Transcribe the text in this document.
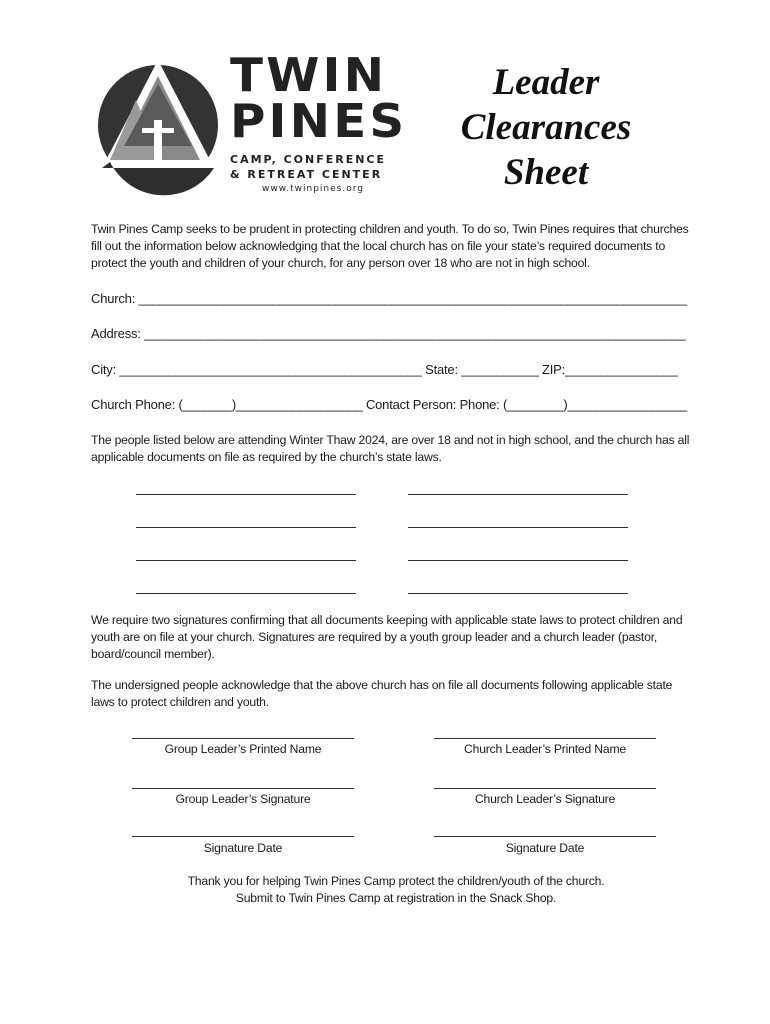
TWIN
PINES
CAMP, CONFERENCE
& RETREAT CENTER
www.twinpines.org
Leader
Clearances
Sheet
Twin Pines Camp seeks to be prudent in protecting children and youth. To do so, Twin Pines requires that churches fill out the information below acknowledging that the local church has on file your state’s required documents to protect the youth and children of your church, for any person over 18 who are not in high school.
Church: ______________________________________________________________________________
Address: _____________________________________________________________________________
City: ___________________________________________ State: ___________ ZIP:________________
Church Phone: (_______)__________________ Contact Person: Phone: (________)_________________
The people listed below are attending Winter Thaw 2024, are over 18 and not in high school, and the church has all applicable documents on file as required by the church’s state laws.
We require two signatures confirming that all documents keeping with applicable state laws to protect children and youth are on file at your church. Signatures are required by a youth group leader and a church leader (pastor, board/council member).
The undersigned people acknowledge that the above church has on file all documents following applicable state laws to protect children and youth.
Group Leader’s Printed Name	Church Leader’s Printed Name
Group Leader’s Signature	Church Leader’s Signature
Signature Date	Signature Date
Thank you for helping Twin Pines Camp protect the children/youth of the church.
Submit to Twin Pines Camp at registration in the Snack Shop.
